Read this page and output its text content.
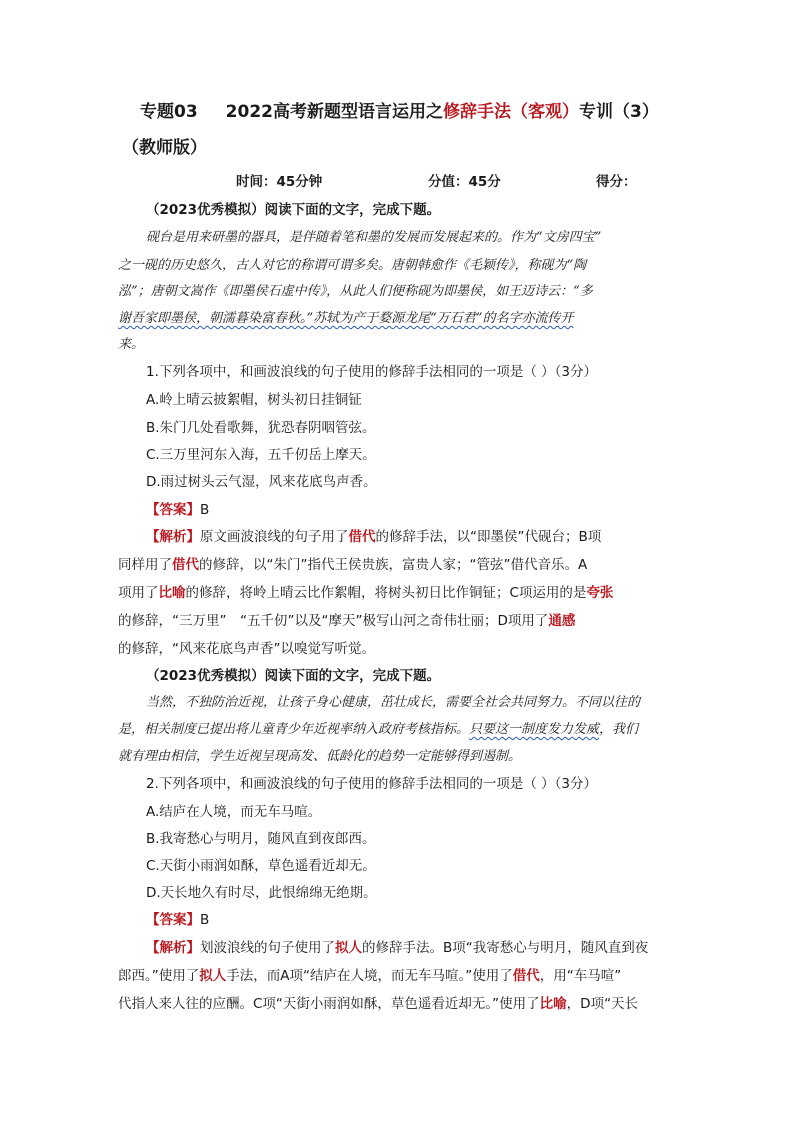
专题03 2022高考新题型语言运用之修辞手法（客观）专训（3）
（教师版）
时间：45分钟	分值：45分	得分：
（2023优秀模拟）阅读下面的文字，完成下题。
砚台是用来研墨的器具，是伴随着笔和墨的发展而发展起来的。作为“文房四宝”
之一砚的历史悠久，古人对它的称谓可谓多矣。唐朝韩愈作《毛颖传》，称砚为“陶
泓”；唐朝文嵩作《即墨侯石虚中传》，从此人们便称砚为即墨侯，如王迈诗云：“多
谢吾家即墨侯，朝濡暮染富春秋。”苏轼为产于婺源龙尾“万石君”的名字亦流传开
来。
1.下列各项中，和画波浪线的句子使用的修辞手法相同的一项是（ ）（3分）
A.岭上晴云披絮帽，树头初日挂铜钲
B.朱门几处看歌舞，犹恐春阴咽管弦。
C.三万里河东入海，五千仞岳上摩天。
D.雨过树头云气湿，风来花底鸟声香。
【答案】B
【解析】原文画波浪线的句子用了借代的修辞手法，以“即墨侯”代砚台；B项
同样用了借代的修辞，以“朱门”指代王侯贵族，富贵人家；“管弦”借代音乐。A
项用了比喻的修辞，将岭上晴云比作絮帽，将树头初日比作铜钲；C项运用的是夸张
的修辞，“三万里”　“五千仞”以及“摩天”极写山河之奇伟壮丽；D项用了通感
的修辞，“风来花底鸟声香”以嗅觉写听觉。
（2023优秀模拟）阅读下面的文字，完成下题。
当然，不独防治近视，让孩子身心健康，茁壮成长，需要全社会共同努力。不同以往的
是，相关制度已提出将儿童青少年近视率纳入政府考核指标。只要这一制度发力发威，我们
就有理由相信，学生近视呈现高发、低龄化的趋势一定能够得到遏制。
2.下列各项中，和画波浪线的句子使用的修辞手法相同的一项是（ ）（3分）
A.结庐在人境，而无车马喧。
B.我寄愁心与明月，随风直到夜郎西。
C.天街小雨润如酥，草色遥看近却无。
D.天长地久有时尽，此恨绵绵无绝期。
【答案】B
【解析】划波浪线的句子使用了拟人的修辞手法。B项“我寄愁心与明月，随风直到夜
郎西。”使用了拟人手法，而A项“结庐在人境，而无车马喧。”使用了借代，用“车马喧”
代指人来人往的应酬。C项“天街小雨润如酥，草色遥看近却无。”使用了比喻，D项“天长
